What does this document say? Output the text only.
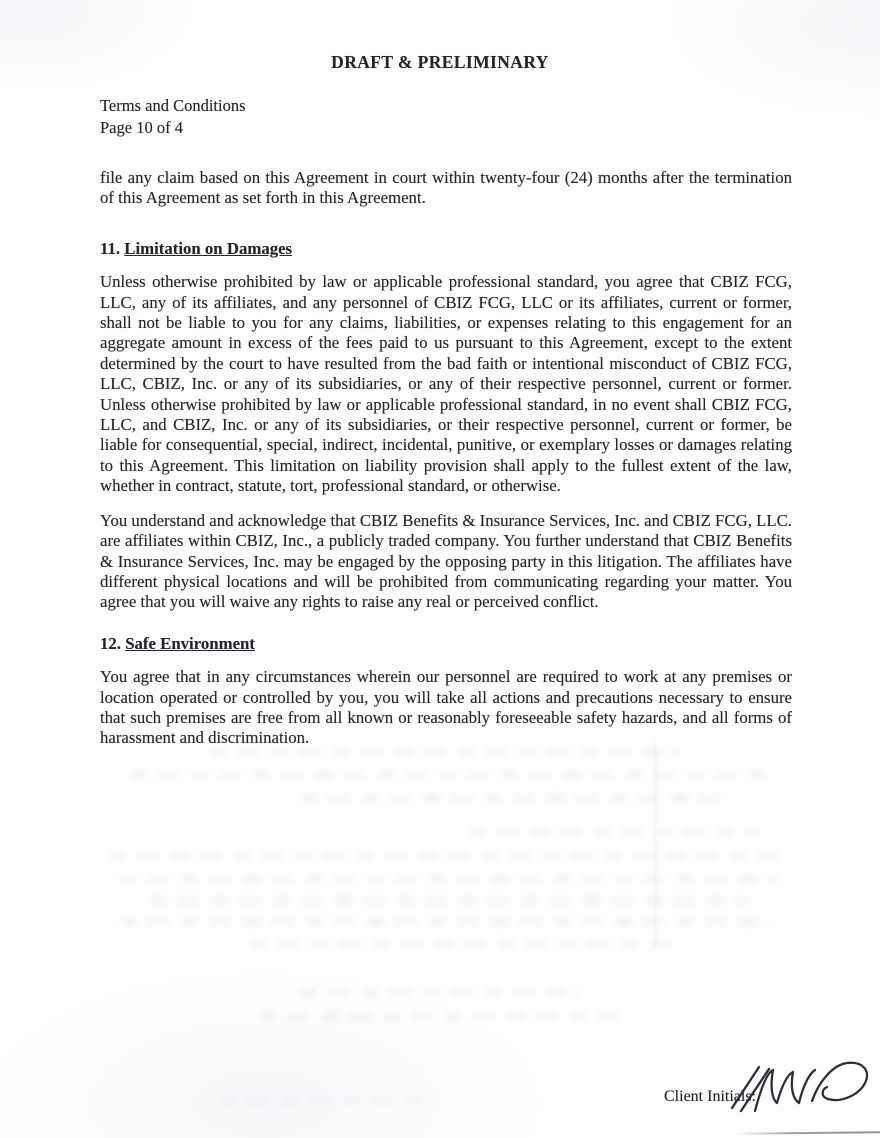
DRAFT & PRELIMINARY
Terms and Conditions
Page 10 of 4

file any claim based on this Agreement in court within twenty-four (24) months after the termination of this Agreement as set forth in this Agreement.

11. Limitation on Damages

Unless otherwise prohibited by law or applicable professional standard, you agree that CBIZ FCG, LLC, any of its affiliates, and any personnel of CBIZ FCG, LLC or its affiliates, current or former, shall not be liable to you for any claims, liabilities, or expenses relating to this engagement for an aggregate amount in excess of the fees paid to us pursuant to this Agreement, except to the extent determined by the court to have resulted from the bad faith or intentional misconduct of CBIZ FCG, LLC, CBIZ, Inc. or any of its subsidiaries, or any of their respective personnel, current or former. Unless otherwise prohibited by law or applicable professional standard, in no event shall CBIZ FCG, LLC, and CBIZ, Inc. or any of its subsidiaries, or their respective personnel, current or former, be liable for consequential, special, indirect, incidental, punitive, or exemplary losses or damages relating to this Agreement. This limitation on liability provision shall apply to the fullest extent of the law, whether in contract, statute, tort, professional standard, or otherwise.

You understand and acknowledge that CBIZ Benefits & Insurance Services, Inc. and CBIZ FCG, LLC. are affiliates within CBIZ, Inc., a publicly traded company. You further understand that CBIZ Benefits & Insurance Services, Inc. may be engaged by the opposing party in this litigation. The affiliates have different physical locations and will be prohibited from communicating regarding your matter. You agree that you will waive any rights to raise any real or perceived conflict.

12. Safe Environment

You agree that in any circumstances wherein our personnel are required to work at any premises or location operated or controlled by you, you will take all actions and precautions necessary to ensure that such premises are free from all known or reasonably foreseeable safety hazards, and all forms of harassment and discrimination.

Client Initials:
